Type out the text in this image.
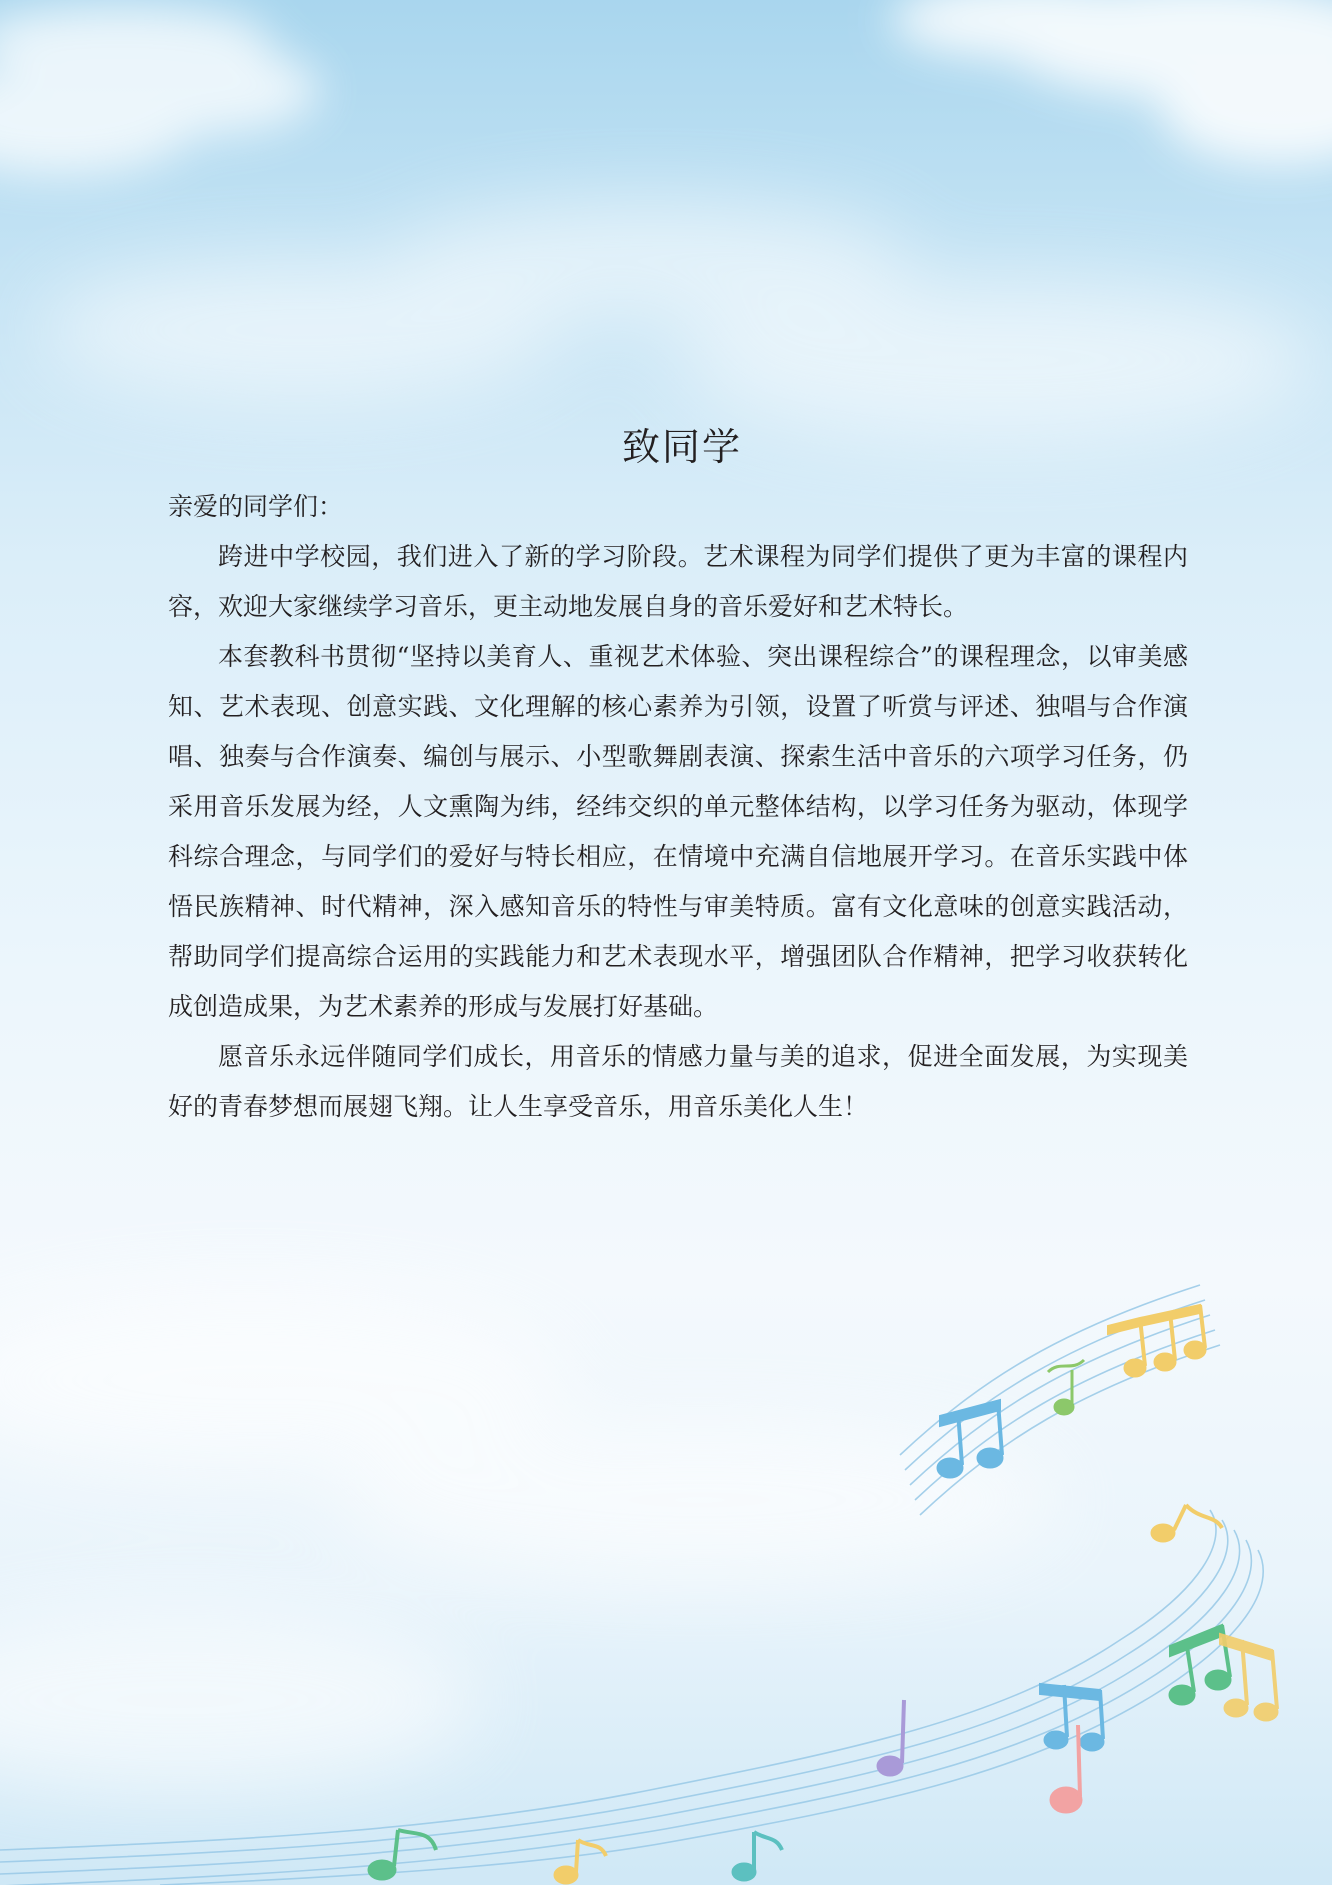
致同学

亲爱的同学们：

跨进中学校园，我们进入了新的学习阶段。艺术课程为同学们提供了更为丰富的课程内容，欢迎大家继续学习音乐，更主动地发展自身的音乐爱好和艺术特长。

本套教科书贯彻“坚持以美育人、重视艺术体验、突出课程综合”的课程理念，以审美感知、艺术表现、创意实践、文化理解的核心素养为引领，设置了听赏与评述、独唱与合作演唱、独奏与合作演奏、编创与展示、小型歌舞剧表演、探索生活中音乐的六项学习任务，仍采用音乐发展为经，人文熏陶为纬，经纬交织的单元整体结构，以学习任务为驱动，体现学科综合理念，与同学们的爱好与特长相应，在情境中充满自信地展开学习。在音乐实践中体悟民族精神、时代精神，深入感知音乐的特性与审美特质。富有文化意味的创意实践活动，帮助同学们提高综合运用的实践能力和艺术表现水平，增强团队合作精神，把学习收获转化成创造成果，为艺术素养的形成与发展打好基础。

愿音乐永远伴随同学们成长，用音乐的情感力量与美的追求，促进全面发展，为实现美好的青春梦想而展翅飞翔。让人生享受音乐，用音乐美化人生！
